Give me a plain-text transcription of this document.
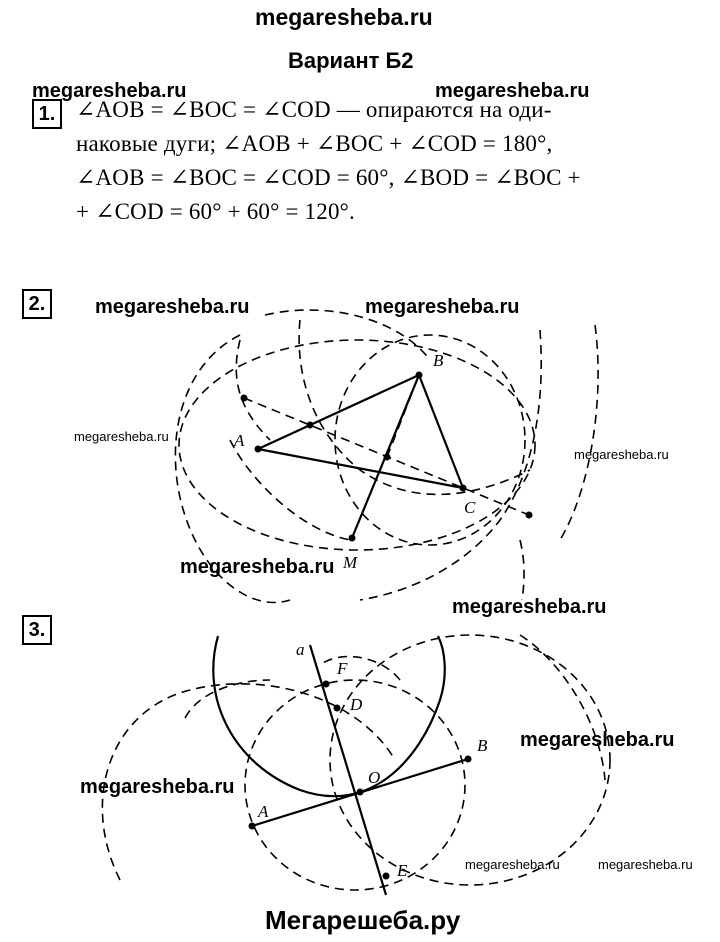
megaresheba.ru
Вариант Б2
megaresheba.ru	megaresheba.ru
1. ∠AOB = ∠BOC = ∠COD — опираются на оди-
наковые дуги; ∠AOB + ∠BOC + ∠COD = 180°,
∠AOB = ∠BOC = ∠COD = 60°, ∠BOD = ∠BOC +
+ ∠COD = 60° + 60° = 120°.
2.
A
B
C
M
a
F
D
O
A
B
E
megaresheba.ru	megaresheba.ru
megaresheba.ru
megaresheba.ru
megaresheba.ru
megaresheba.ru
3.
megaresheba.ru
megaresheba.ru
megaresheba.ru	megaresheba.ru
Мегарешеба.ру
